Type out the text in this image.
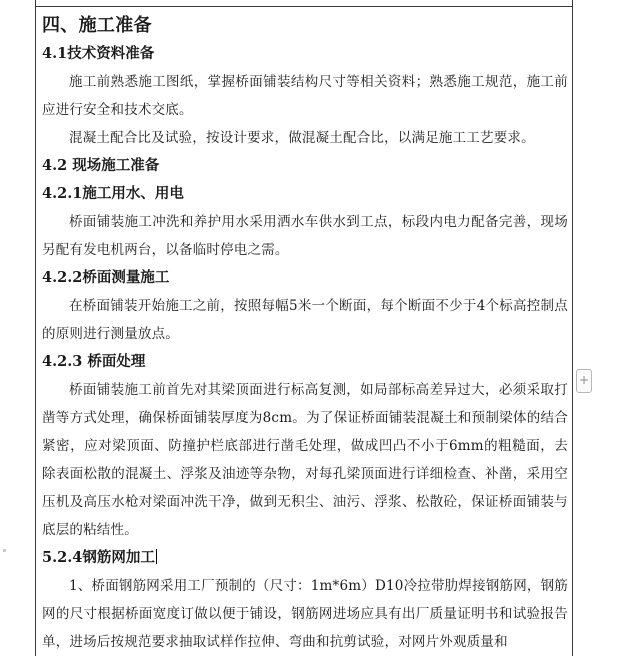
四、施工准备
4.1技术资料准备

施工前熟悉施工图纸，掌握桥面铺装结构尺寸等相关资料；熟悉施工规范，施工前应进行安全和技术交底。

混凝土配合比及试验，按设计要求，做混凝土配合比，以满足施工工艺要求。

4.2 现场施工准备
4.2.1施工用水、用电

桥面铺装施工冲洗和养护用水采用洒水车供水到工点，标段内电力配备完善，现场另配有发电机两台，以备临时停电之需。

4.2.2桥面测量施工

在桥面铺装开始施工之前，按照每幅5米一个断面，每个断面不少于4个标高控制点的原则进行测量放点。

4.2.3 桥面处理

桥面铺装施工前首先对其梁顶面进行标高复测，如局部标高差异过大，必须采取打凿等方式处理，确保桥面铺装厚度为8cm。为了保证桥面铺装混凝土和预制梁体的结合紧密，应对梁顶面、防撞护栏底部进行凿毛处理，做成凹凸不小于6mm的粗糙面，去除表面松散的混凝土、浮浆及油迹等杂物，对每孔梁顶面进行详细检查、补凿，采用空压机及高压水枪对梁面冲洗干净，做到无积尘、油污、浮浆、松散砼，保证桥面铺装与底层的粘结性。

5.2.4钢筋网加工

1、桥面钢筋网采用工厂预制的（尺寸：1m*6m）D10冷拉带肋焊接钢筋网，钢筋网的尺寸根据桥面宽度订做以便于铺设，钢筋网进场应具有出厂质量证明书和试验报告单，进场后按规范要求抽取试样作拉伸、弯曲和抗剪试验，对网片外观质量和

+
